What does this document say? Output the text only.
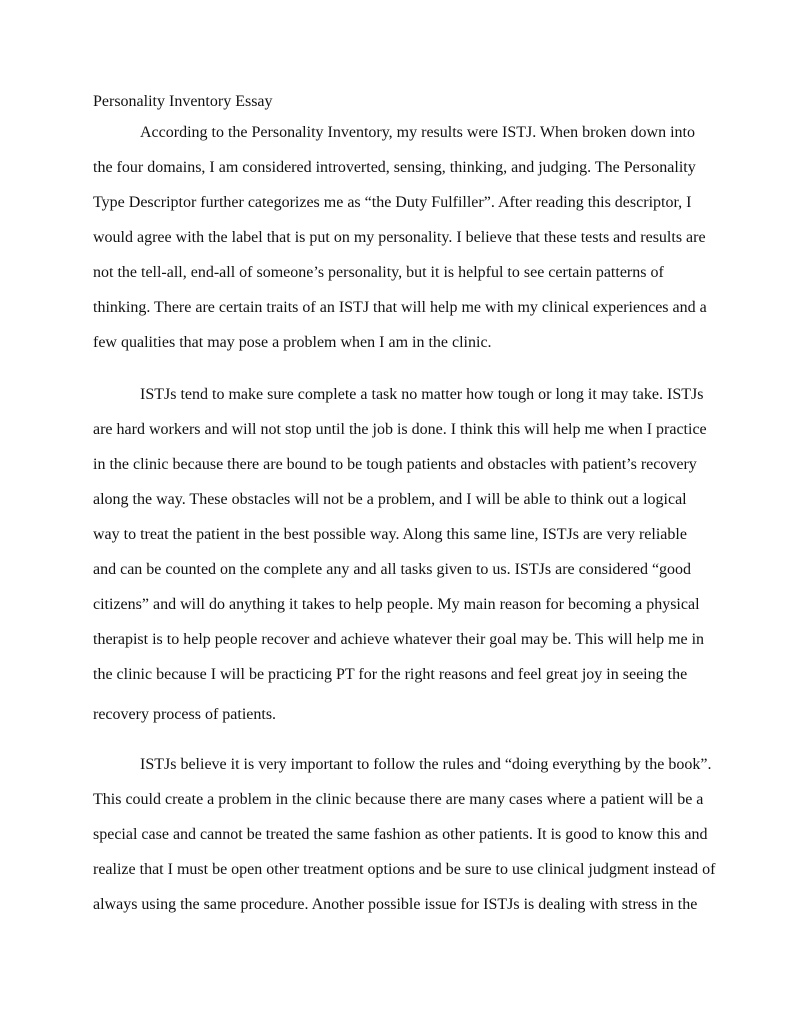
Personality Inventory Essay
According to the Personality Inventory, my results were ISTJ. When broken down into
the four domains, I am considered introverted, sensing, thinking, and judging. The Personality
Type Descriptor further categorizes me as “the Duty Fulfiller”. After reading this descriptor, I
would agree with the label that is put on my personality. I believe that these tests and results are
not the tell-all, end-all of someone’s personality, but it is helpful to see certain patterns of
thinking. There are certain traits of an ISTJ that will help me with my clinical experiences and a
few qualities that may pose a problem when I am in the clinic.
ISTJs tend to make sure complete a task no matter how tough or long it may take. ISTJs
are hard workers and will not stop until the job is done. I think this will help me when I practice
in the clinic because there are bound to be tough patients and obstacles with patient’s recovery
along the way. These obstacles will not be a problem, and I will be able to think out a logical
way to treat the patient in the best possible way. Along this same line, ISTJs are very reliable
and can be counted on the complete any and all tasks given to us. ISTJs are considered “good
citizens” and will do anything it takes to help people. My main reason for becoming a physical
therapist is to help people recover and achieve whatever their goal may be. This will help me in
the clinic because I will be practicing PT for the right reasons and feel great joy in seeing the
recovery process of patients.
ISTJs believe it is very important to follow the rules and “doing everything by the book”.
This could create a problem in the clinic because there are many cases where a patient will be a
special case and cannot be treated the same fashion as other patients. It is good to know this and
realize that I must be open other treatment options and be sure to use clinical judgment instead of
always using the same procedure. Another possible issue for ISTJs is dealing with stress in the
